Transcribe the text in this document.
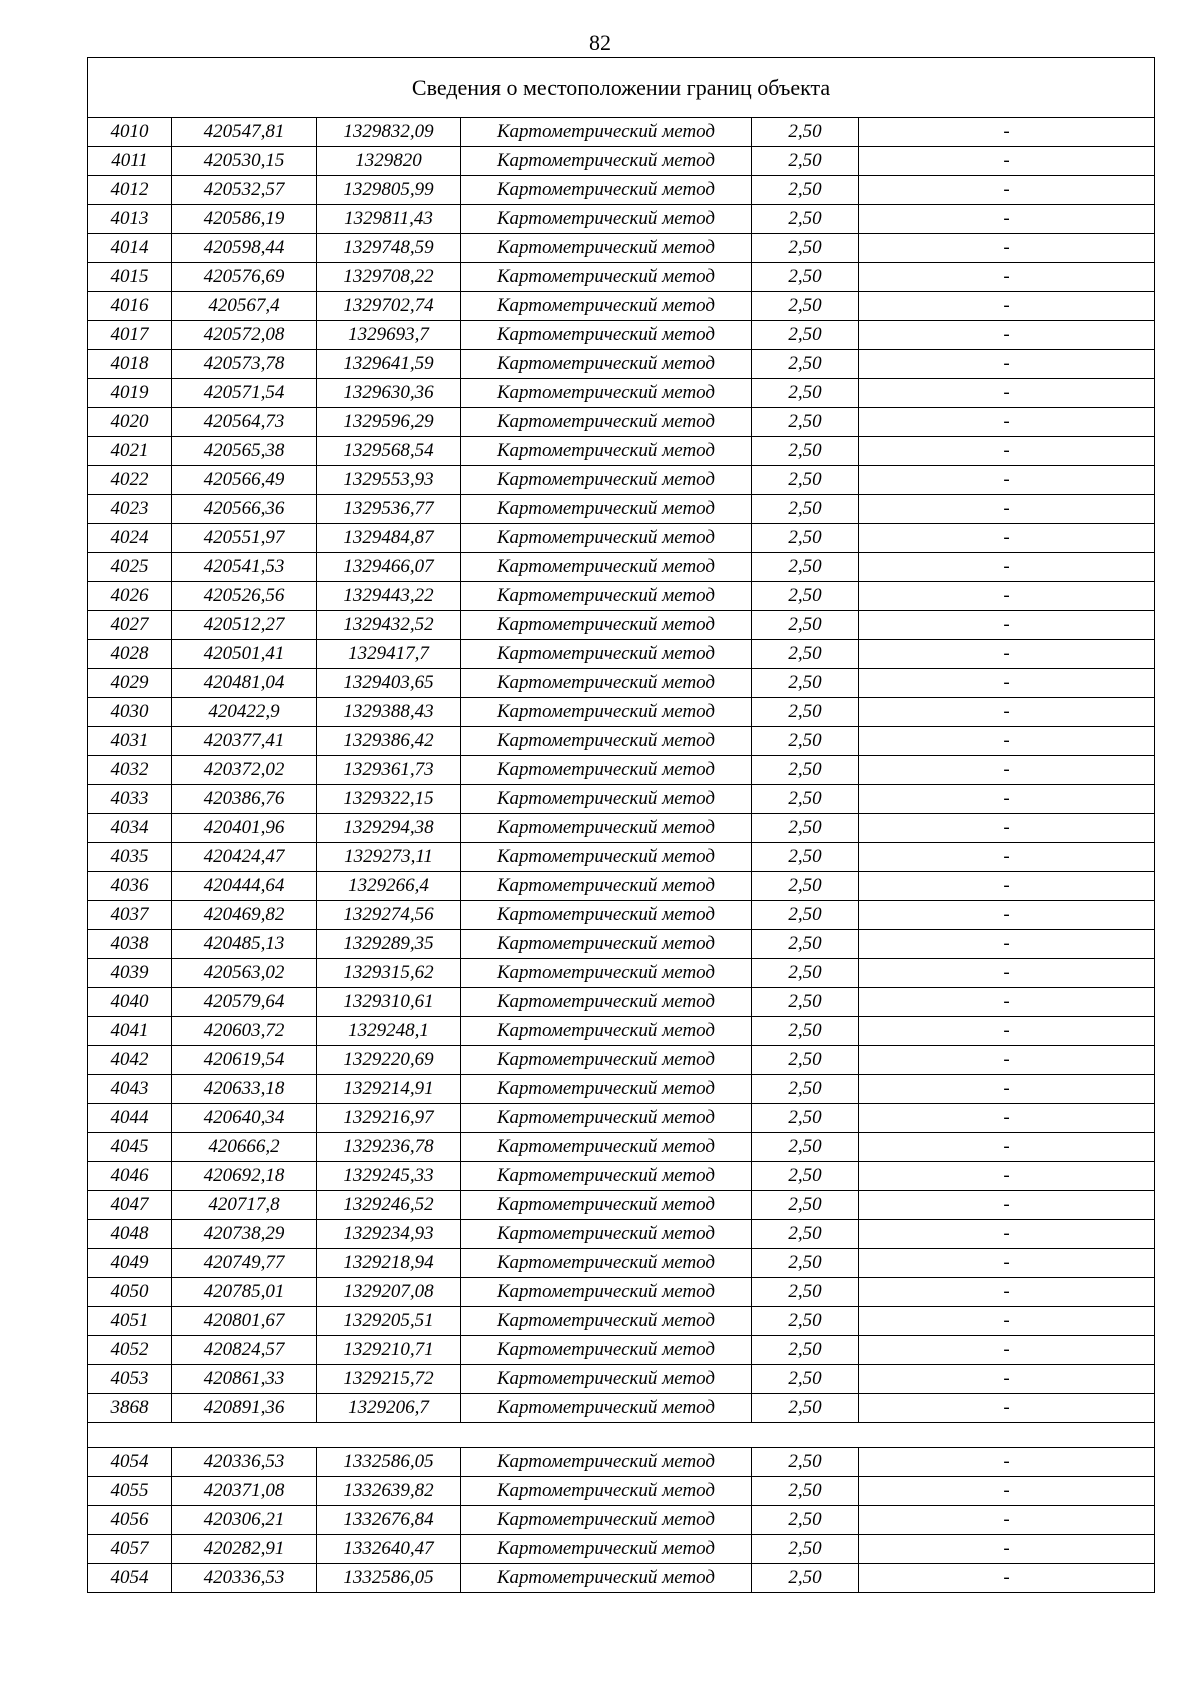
82
Сведения о местоположении границ объекта					
4010	420547,81	1329832,09	Картометрический метод	2,50	-
4011	420530,15	1329820	Картометрический метод	2,50	-
4012	420532,57	1329805,99	Картометрический метод	2,50	-
4013	420586,19	1329811,43	Картометрический метод	2,50	-
4014	420598,44	1329748,59	Картометрический метод	2,50	-
4015	420576,69	1329708,22	Картометрический метод	2,50	-
4016	420567,4	1329702,74	Картометрический метод	2,50	-
4017	420572,08	1329693,7	Картометрический метод	2,50	-
4018	420573,78	1329641,59	Картометрический метод	2,50	-
4019	420571,54	1329630,36	Картометрический метод	2,50	-
4020	420564,73	1329596,29	Картометрический метод	2,50	-
4021	420565,38	1329568,54	Картометрический метод	2,50	-
4022	420566,49	1329553,93	Картометрический метод	2,50	-
4023	420566,36	1329536,77	Картометрический метод	2,50	-
4024	420551,97	1329484,87	Картометрический метод	2,50	-
4025	420541,53	1329466,07	Картометрический метод	2,50	-
4026	420526,56	1329443,22	Картометрический метод	2,50	-
4027	420512,27	1329432,52	Картометрический метод	2,50	-
4028	420501,41	1329417,7	Картометрический метод	2,50	-
4029	420481,04	1329403,65	Картометрический метод	2,50	-
4030	420422,9	1329388,43	Картометрический метод	2,50	-
4031	420377,41	1329386,42	Картометрический метод	2,50	-
4032	420372,02	1329361,73	Картометрический метод	2,50	-
4033	420386,76	1329322,15	Картометрический метод	2,50	-
4034	420401,96	1329294,38	Картометрический метод	2,50	-
4035	420424,47	1329273,11	Картометрический метод	2,50	-
4036	420444,64	1329266,4	Картометрический метод	2,50	-
4037	420469,82	1329274,56	Картометрический метод	2,50	-
4038	420485,13	1329289,35	Картометрический метод	2,50	-
4039	420563,02	1329315,62	Картометрический метод	2,50	-
4040	420579,64	1329310,61	Картометрический метод	2,50	-
4041	420603,72	1329248,1	Картометрический метод	2,50	-
4042	420619,54	1329220,69	Картометрический метод	2,50	-
4043	420633,18	1329214,91	Картометрический метод	2,50	-
4044	420640,34	1329216,97	Картометрический метод	2,50	-
4045	420666,2	1329236,78	Картометрический метод	2,50	-
4046	420692,18	1329245,33	Картометрический метод	2,50	-
4047	420717,8	1329246,52	Картометрический метод	2,50	-
4048	420738,29	1329234,93	Картометрический метод	2,50	-
4049	420749,77	1329218,94	Картометрический метод	2,50	-
4050	420785,01	1329207,08	Картометрический метод	2,50	-
4051	420801,67	1329205,51	Картометрический метод	2,50	-
4052	420824,57	1329210,71	Картометрический метод	2,50	-
4053	420861,33	1329215,72	Картометрический метод	2,50	-
3868	420891,36	1329206,7	Картометрический метод	2,50	-

4054	420336,53	1332586,05	Картометрический метод	2,50	-
4055	420371,08	1332639,82	Картометрический метод	2,50	-
4056	420306,21	1332676,84	Картометрический метод	2,50	-
4057	420282,91	1332640,47	Картометрический метод	2,50	-
4054	420336,53	1332586,05	Картометрический метод	2,50	-
